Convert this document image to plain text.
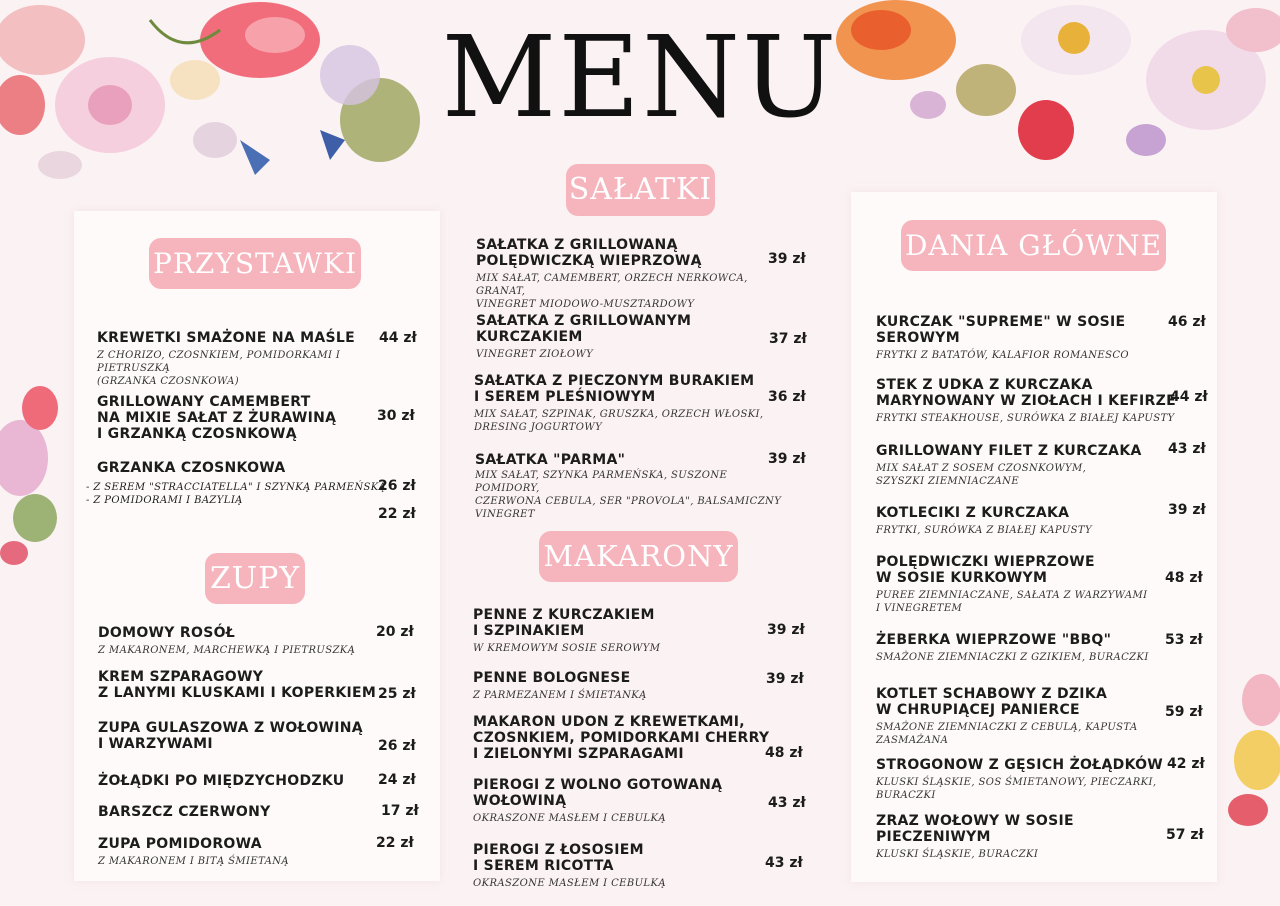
MENU
PRZYSTAWKI
ZUPY
SAŁATKI
MAKARONY
DANIA GŁÓWNE
KREWETKI SMAŻONE NA MAŚLE
Z CHORIZO, CZOSNKIEM, POMIDORKAMI I PIETRUSZKĄ
(GRZANKA CZOSNKOWA)
44 zł
GRILLOWANY CAMEMBERT
NA MIXIE SAŁAT Z ŻURAWINĄ
I GRZANKĄ CZOSNKOWĄ
30 zł
GRZANKA CZOSNKOWA
- Z SEREM "STRACCIATELLA" I SZYNKĄ PARMEŃSKĄ
- Z POMIDORAMI I BAZYLIĄ
26 zł
22 zł
DOMOWY ROSÓŁ
Z MAKARONEM, MARCHEWKĄ I PIETRUSZKĄ
20 zł
KREM SZPARAGOWY
Z LANYMI KLUSKAMI I KOPERKIEM 25 zł
ZUPA GULASZOWA Z WOŁOWINĄ
I WARZYWAMI	26 zł
ŻOŁĄDKI PO MIĘDZYCHODZKU	24 zł
BARSZCZ CZERWONY	17 zł
ZUPA POMIDOROWA
Z MAKARONEM I BITĄ ŚMIETANĄ
22 zł
SAŁATKA Z GRILLOWANĄ
POLĘDWICZKĄ WIEPRZOWĄ
MIX SAŁAT, CAMEMBERT, ORZECH NERKOWCA, GRANAT,
VINEGRET MIODOWO-MUSZTARDOWY
39 zł
SAŁATKA Z GRILLOWANYM
KURCZAKIEM
VINEGRET ZIOŁOWY
37 zł
SAŁATKA Z PIECZONYM BURAKIEM
I SEREM PLEŚNIOWYM
MIX SAŁAT, SZPINAK, GRUSZKA, ORZECH WŁOSKI,
DRESING JOGURTOWY
36 zł
SAŁATKA "PARMA"
MIX SAŁAT, SZYNKA PARMEŃSKA, SUSZONE POMIDORY,
CZERWONA CEBULA, SER "PROVOLA", BALSAMICZNY
VINEGRET
39 zł
PENNE Z KURCZAKIEM
I SZPINAKIEM
W KREMOWYM SOSIE SEROWYM
39 zł
PENNE BOLOGNESE
Z PARMEZANEM I ŚMIETANKĄ
39 zł
MAKARON UDON Z KREWETKAMI,
CZOSNKIEM, POMIDORKAMI CHERRY
I ZIELONYMI SZPARAGAMI	48 zł
PIEROGI Z WOLNO GOTOWANĄ
WOŁOWINĄ
OKRASZONE MASŁEM I CEBULKĄ
43 zł
PIEROGI Z ŁOSOSIEM
I SEREM RICOTTA
OKRASZONE MASŁEM I CEBULKĄ
43 zł
KURCZAK "SUPREME" W SOSIE
SEROWYM
FRYTKI Z BATATÓW, KALAFIOR ROMANESCO
46 zł
STEK Z UDKA Z KURCZAKA
MARYNOWANY W ZIOŁACH I KEFIRZE
FRYTKI STEAKHOUSE, SURÓWKA Z BIAŁEJ KAPUSTY
44 zł
GRILLOWANY FILET Z KURCZAKA
MIX SAŁAT Z SOSEM CZOSNKOWYM,
SZYSZKI ZIEMNIACZANE
43 zł
KOTLECIKI Z KURCZAKA
FRYTKI, SURÓWKA Z BIAŁEJ KAPUSTY
39 zł
POLĘDWICZKI WIEPRZOWE
W SOSIE KURKOWYM
PUREE ZIEMNIACZANE, SAŁATA Z WARZYWAMI
I VINEGRETEM
48 zł
ŻEBERKA WIEPRZOWE "BBQ"
SMAŻONE ZIEMNIACZKI Z GZIKIEM, BURACZKI
53 zł
KOTLET SCHABOWY Z DZIKA
W CHRUPIĄCEJ PANIERCE
SMAŻONE ZIEMNIACZKI Z CEBULĄ, KAPUSTA ZASMAŻANA
59 zł
STROGONOW Z GĘSICH ŻOŁĄDKÓW
KLUSKI ŚLĄSKIE, SOS ŚMIETANOWY, PIECZARKI,
BURACZKI
42 zł
ZRAZ WOŁOWY W SOSIE
PIECZENIWYM
KLUSKI ŚLĄSKIE, BURACZKI
57 zł
